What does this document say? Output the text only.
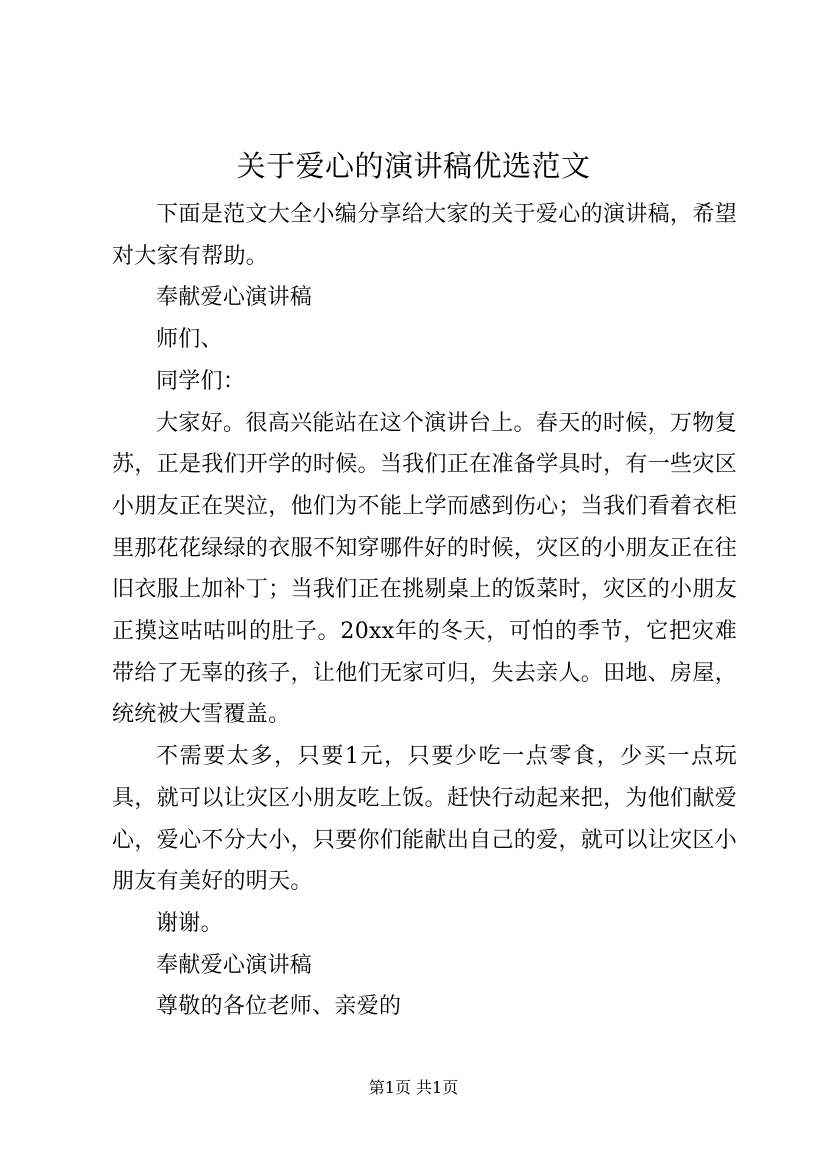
关于爱心的演讲稿优选范文

下面是范文大全小编分享给大家的关于爱心的演讲稿，希望对大家有帮助。

奉献爱心演讲稿

师们、

同学们：

大家好。很高兴能站在这个演讲台上。春天的时候，万物复苏，正是我们开学的时候。当我们正在准备学具时，有一些灾区小朋友正在哭泣，他们为不能上学而感到伤心；当我们看着衣柜里那花花绿绿的衣服不知穿哪件好的时候，灾区的小朋友正在往旧衣服上加补丁；当我们正在挑剔桌上的饭菜时，灾区的小朋友正摸这咕咕叫的肚子。20xx年的冬天，可怕的季节，它把灾难带给了无辜的孩子，让他们无家可归，失去亲人。田地、房屋，统统被大雪覆盖。

不需要太多，只要1元，只要少吃一点零食，少买一点玩具，就可以让灾区小朋友吃上饭。赶快行动起来把，为他们献爱心，爱心不分大小，只要你们能献出自己的爱，就可以让灾区小朋友有美好的明天。

谢谢。

奉献爱心演讲稿

尊敬的各位老师、亲爱的

第1页 共1页
